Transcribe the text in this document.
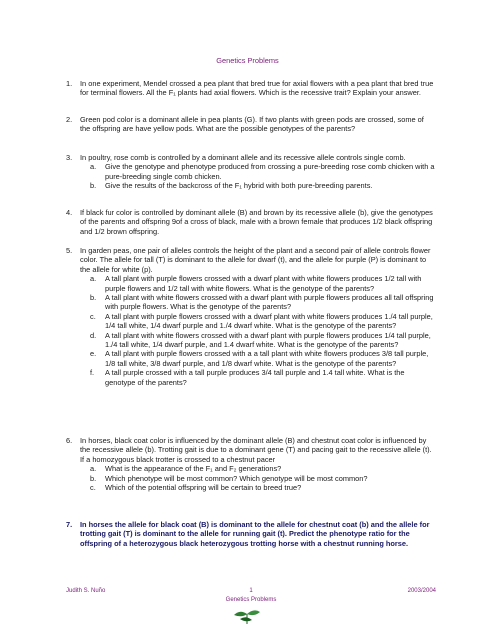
Genetics Problems
1. In one experiment, Mendel crossed a pea plant that bred true for axial flowers with a pea plant that bred true for terminal flowers. All the F₁ plants had axial flowers. Which is the recessive trait? Explain your answer.
2. Green pod color is a dominant allele in pea plants (G). If two plants with green pods are crossed, some of the offspring are have yellow pods. What are the possible genotypes of the parents?
3. In poultry, rose comb is controlled by a dominant allele and its recessive allele controls single comb.
a. Give the genotype and phenotype produced from crossing a pure-breeding rose comb chicken with a pure-breeding single comb chicken.
b. Give the results of the backcross of the F₁ hybrid with both pure-breeding parents.
4. If black fur color is controlled by dominant allele (B) and brown by its recessive allele (b), give the genotypes of the parents and offspring 9of a cross of black, male with a brown female that produces 1/2 black offspring and 1/2 brown offspring.
5. In garden peas, one pair of alleles controls the height of the plant and a second pair of allele controls flower color. The allele for tall (T) is dominant to the allele for dwarf (t), and the allele for purple (P) is dominant to the allele for white (p).
a. A tall plant with purple flowers crossed with a dwarf plant with white flowers produces 1/2 tall with purple flowers and 1/2 tall with white flowers. What is the genotype of the parents?
b. A tall plant with white flowers crossed with a dwarf plant with purple flowers produces all tall offspring with purple flowers. What is the genotype of the parents?
c. A tall plant with purple flowers crossed with a dwarf plant with white flowers produces 1./4 tall purple, 1/4 tall white, 1/4 dwarf purple and 1./4 dwarf white. What is the genotype of the parents?
d. A tall plant with white flowers crossed with a dwarf plant with purple flowers produces 1/4 tall purple, 1./4 tall white, 1/4 dwarf purple, and 1.4 dwarf white. What is the genotype of the parents?
e. A tall plant with purple flowers crossed with a a tall plant with white flowers produces 3/8 tall purple, 1/8 tall white, 3/8 dwarf purple, and 1/8 dwarf white. What is the genotype of the parents?
f. A tall purple crossed with a tall purple produces 3/4 tall purple and 1.4 tall white. What is the genotype of the parents?
6. In horses, black coat color is influenced by the dominant allele (B) and chestnut coat color is influenced by the recessive allele (b). Trotting gait is due to a dominant gene (T) and pacing gait to the recessive allele (t). If a homozygous black trotter is crossed to a chestnut pacer
a. What is the appearance of the F₁ and F₂ generations?
b. Which phenotype will be most common? Which genotype will be most common?
c. Which of the potential offspring will be certain to breed true?
7. In horses the allele for black coat (B) is dominant to the allele for chestnut coat (b) and the allele for trotting gait (T) is dominant to the allele for running gait (t). Predict the phenotype ratio for the offspring of a heterozygous black heterozygous trotting horse with a chestnut running horse.
Judith S. Nuño	1	2003/2004
Genetics Problems
